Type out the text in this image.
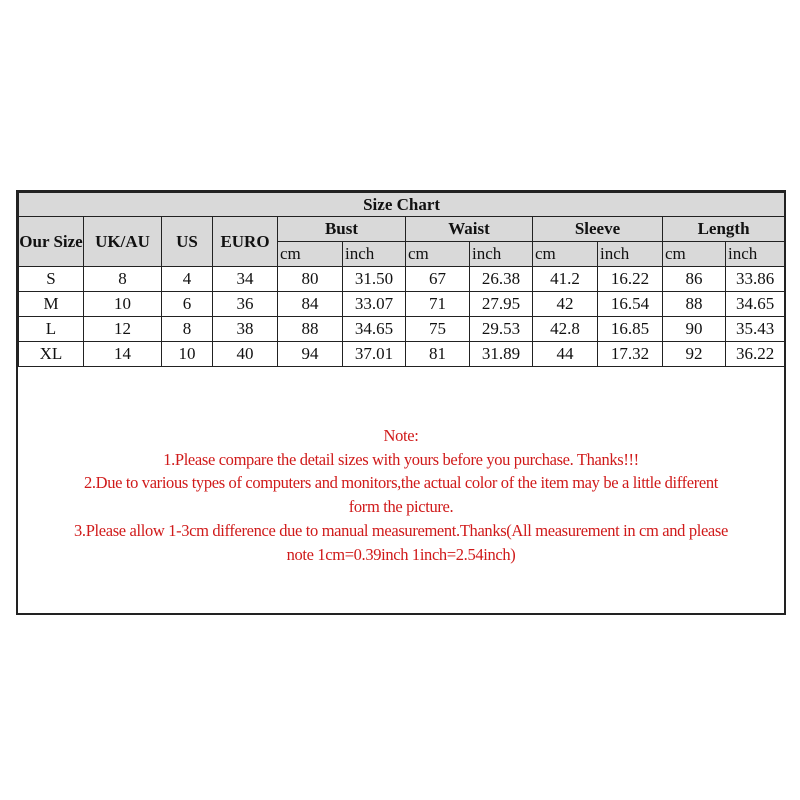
Size Chart											
Our Size	UK/AU	US	EURO	Bust		Waist		Sleeve		Length	
				cm	inch	cm	inch	cm	inch	cm	inch
S	8	4	34	80	31.50	67	26.38	41.2	16.22	86	33.86
M	10	6	36	84	33.07	71	27.95	42	16.54	88	34.65
L	12	8	38	88	34.65	75	29.53	42.8	16.85	90	35.43
XL	14	10	40	94	37.01	81	31.89	44	17.32	92	36.22
Note:
1.Please compare the detail sizes with yours before you purchase. Thanks!!!
2.Due to various types of computers and monitors,the actual color of the item may be a little different
form the picture.
3.Please allow 1-3cm difference due to manual measurement.Thanks(All measurement in cm and please
note 1cm=0.39inch 1inch=2.54inch)
